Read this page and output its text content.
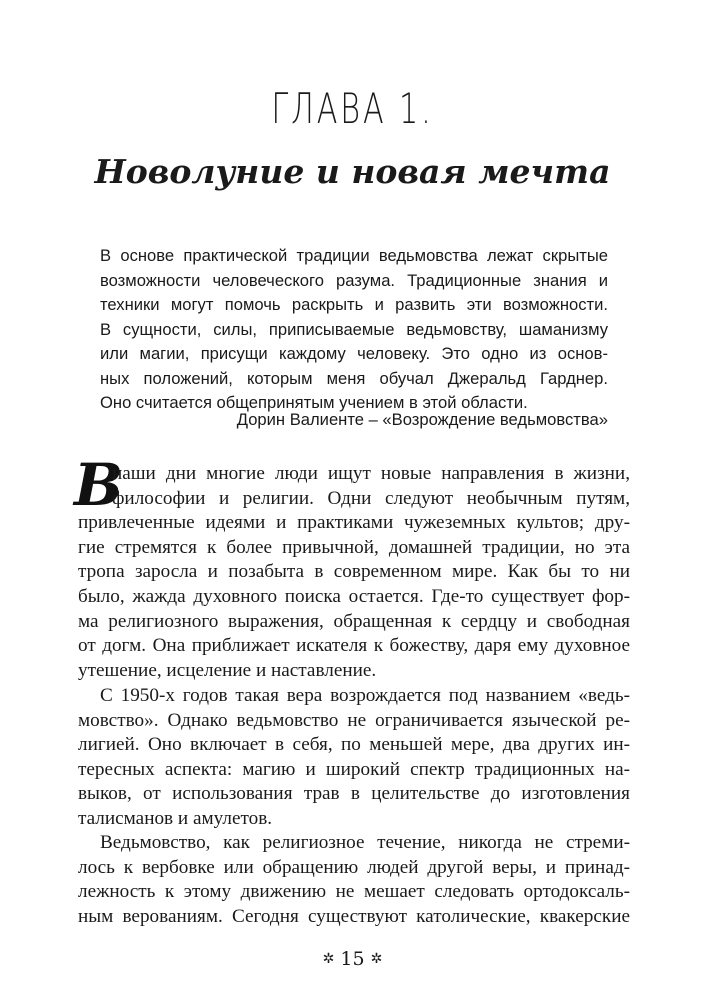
ГЛАВА 1.
Новолуние и новая мечта
В основе практической традиции ведьмовства лежат скрытые
возможности человеческого разума. Традиционные знания и
техники могут помочь раскрыть и развить эти возможности.
В сущности, силы, приписываемые ведьмовству, шаманизму
или магии, присущи каждому человеку. Это одно из основ-
ных положений, которым меня обучал Джеральд Гарднер.
Оно считается общепринятым учением в этой области.
Дорин Валиенте – «Возрождение ведьмовства»
В
наши дни многие люди ищут новые направления в жизни,
философии и религии. Одни следуют необычным путям,
привлеченные идеями и практиками чужеземных культов; дру-
гие стремятся к более привычной, домашней традиции, но эта
тропа заросла и позабыта в современном мире. Как бы то ни
было, жажда духовного поиска остается. Где-то существует фор-
ма религиозного выражения, обращенная к сердцу и свободная
от догм. Она приближает искателя к божеству, даря ему духовное
утешение, исцеление и наставление.
С 1950-х годов такая вера возрождается под названием «ведь-
мовство». Однако ведьмовство не ограничивается языческой ре-
лигией. Оно включает в себя, по меньшей мере, два других ин-
тересных аспекта: магию и широкий спектр традиционных на-
выков, от использования трав в целительстве до изготовления
талисманов и амулетов.
Ведьмовство, как религиозное течение, никогда не стреми-
лось к вербовке или обращению людей другой веры, и принад-
лежность к этому движению не мешает следовать ортодоксаль-
ным верованиям. Сегодня существуют католические, квакерские
✲ 15 ✲
